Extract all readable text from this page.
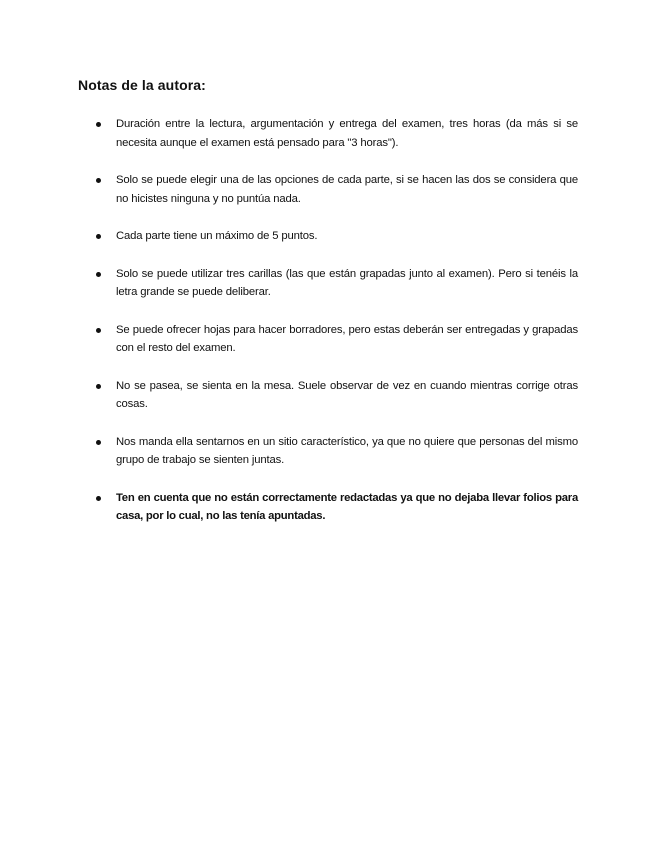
Notas de la autora:
Duración entre la lectura, argumentación y entrega del examen, tres horas (da más si se necesita aunque el examen está pensado para "3 horas").
Solo se puede elegir una de las opciones de cada parte, si se hacen las dos se considera que no hicistes ninguna y no puntúa nada.
Cada parte tiene un máximo de 5 puntos.
Solo se puede utilizar tres carillas (las que están grapadas junto al examen). Pero si tenéis la letra grande se puede deliberar.
Se puede ofrecer hojas para hacer borradores, pero estas deberán ser entregadas y grapadas con el resto del examen.
No se pasea, se sienta en la mesa. Suele observar de vez en cuando mientras corrige otras cosas.
Nos manda ella sentarnos en un sitio característico, ya que no quiere que personas del mismo grupo de trabajo se sienten juntas.
Ten en cuenta que no están correctamente redactadas ya que no dejaba llevar folios para casa, por lo cual, no las tenía apuntadas.
